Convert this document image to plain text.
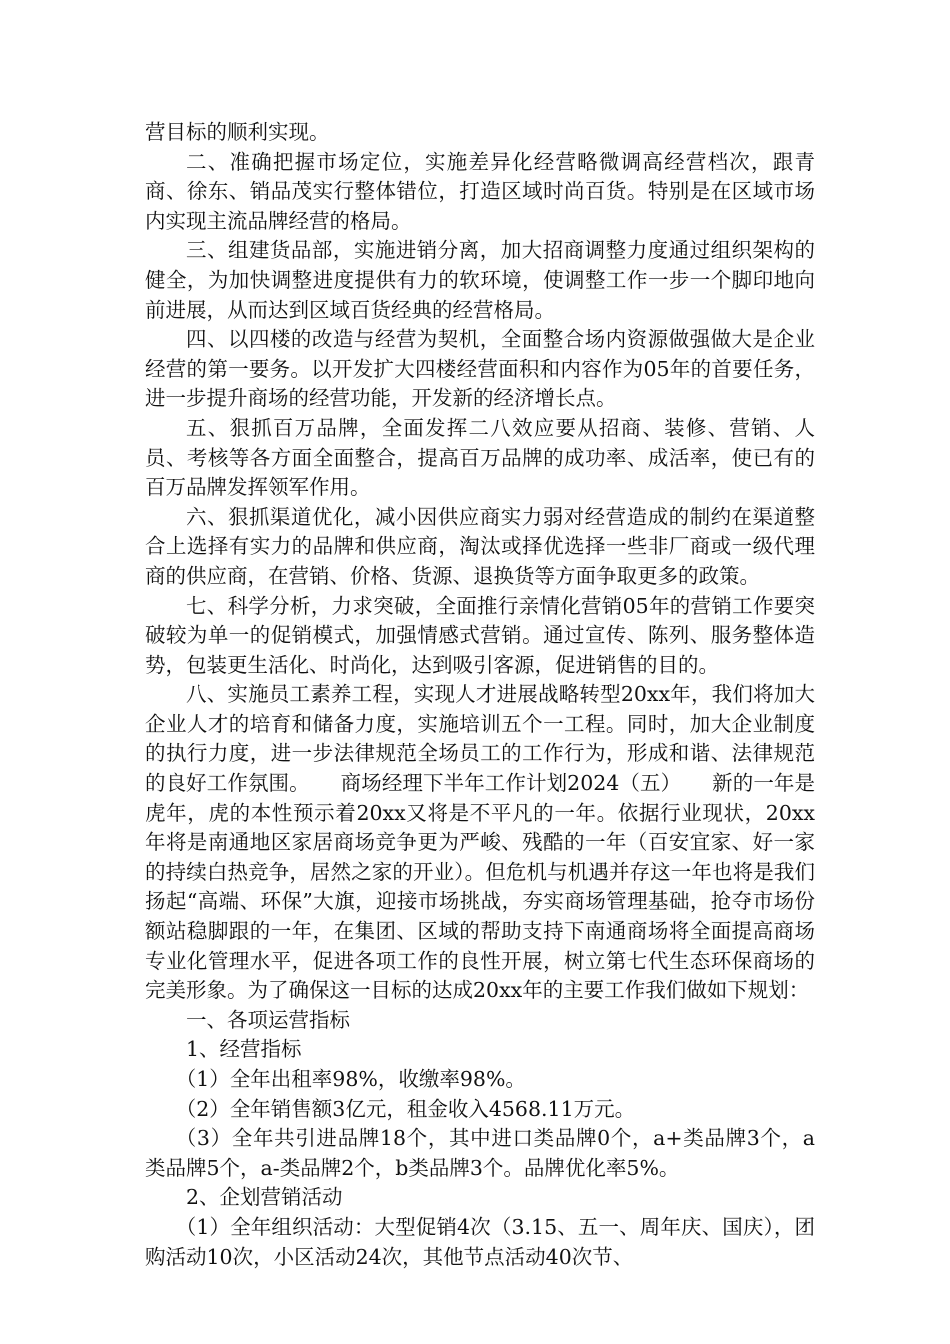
营目标的顺利实现。

二、准确把握市场定位，实施差异化经营略微调高经营档次，跟青商、徐东、销品茂实行整体错位，打造区域时尚百货。特别是在区域市场内实现主流品牌经营的格局。

三、组建货品部，实施进销分离，加大招商调整力度通过组织架构的健全，为加快调整进度提供有力的软环境，使调整工作一步一个脚印地向前进展，从而达到区域百货经典的经营格局。

四、以四楼的改造与经营为契机，全面整合场内资源做强做大是企业经营的第一要务。以开发扩大四楼经营面积和内容作为05年的首要任务，进一步提升商场的经营功能，开发新的经济增长点。

五、狠抓百万品牌，全面发挥二八效应要从招商、装修、营销、人员、考核等各方面全面整合，提高百万品牌的成功率、成活率，使已有的百万品牌发挥领军作用。

六、狠抓渠道优化，减小因供应商实力弱对经营造成的制约在渠道整合上选择有实力的品牌和供应商，淘汰或择优选择一些非厂商或一级代理商的供应商，在营销、价格、货源、退换货等方面争取更多的政策。

七、科学分析，力求突破，全面推行亲情化营销05年的营销工作要突破较为单一的促销模式，加强情感式营销。通过宣传、陈列、服务整体造势，包装更生活化、时尚化，达到吸引客源，促进销售的目的。

八、实施员工素养工程，实现人才进展战略转型20xx年，我们将加大企业人才的培育和储备力度，实施培训五个一工程。同时，加大企业制度的执行力度，进一步法律规范全场员工的工作行为，形成和谐、法律规范的良好工作氛围。　　商场经理下半年工作计划2024（五）　　新的一年是虎年，虎的本性预示着20xx又将是不平凡的一年。依据行业现状，20xx年将是南通地区家居商场竞争更为严峻、残酷的一年（百安宜家、好一家的持续白热竞争，居然之家的开业）。但危机与机遇并存这一年也将是我们扬起“高端、环保”大旗，迎接市场挑战，夯实商场管理基础，抢夺市场份额站稳脚跟的一年，在集团、区域的帮助支持下南通商场将全面提高商场专业化管理水平，促进各项工作的良性开展，树立第七代生态环保商场的完美形象。为了确保这一目标的达成20xx年的主要工作我们做如下规划：

一、各项运营指标

1、经营指标

（1）全年出租率98%，收缴率98%。

（2）全年销售额3亿元，租金收入4568.11万元。

（3）全年共引进品牌18个，其中进口类品牌0个，a+类品牌3个，a类品牌5个，a-类品牌2个，b类品牌3个。品牌优化率5%。

2、企划营销活动

（1）全年组织活动：大型促销4次（3.15、五一、周年庆、国庆），团购活动10次，小区活动24次，其他节点活动40次节、
